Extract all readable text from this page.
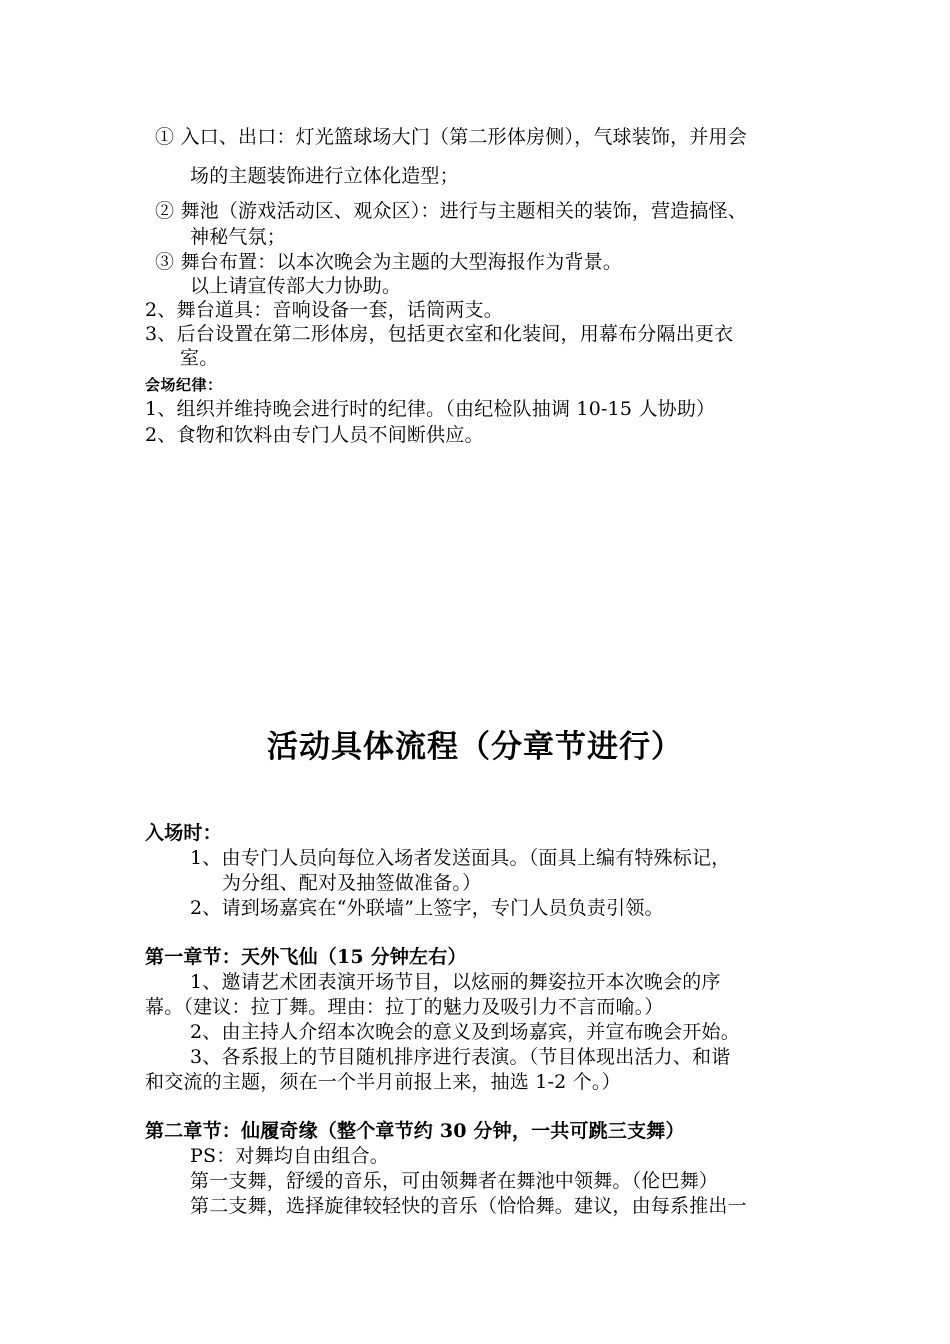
① 入口、出口：灯光篮球场大门（第二形体房侧），气球装饰，并用会
场的主题装饰进行立体化造型；
② 舞池（游戏活动区、观众区）：进行与主题相关的装饰，营造搞怪、
神秘气氛；
③ 舞台布置：以本次晚会为主题的大型海报作为背景。
以上请宣传部大力协助。
2、舞台道具：音响设备一套，话筒两支。
3、后台设置在第二形体房，包括更衣室和化装间，用幕布分隔出更衣
室。
会场纪律：
1、组织并维持晚会进行时的纪律。（由纪检队抽调 10-15 人协助）
2、食物和饮料由专门人员不间断供应。
活动具体流程（分章节进行）
入场时：
1、由专门人员向每位入场者发送面具。（面具上编有特殊标记，
为分组、配对及抽签做准备。）
2、请到场嘉宾在“外联墙”上签字，专门人员负责引领。
第一章节：天外飞仙（15 分钟左右）
1、邀请艺术团表演开场节目，以炫丽的舞姿拉开本次晚会的序
幕。（建议：拉丁舞。理由：拉丁的魅力及吸引力不言而喻。）
2、由主持人介绍本次晚会的意义及到场嘉宾，并宣布晚会开始。
3、各系报上的节目随机排序进行表演。（节目体现出活力、和谐
和交流的主题，须在一个半月前报上来，抽选 1-2 个。）
第二章节：仙履奇缘（整个章节约 30 分钟，一共可跳三支舞）
PS：对舞均自由组合。
第一支舞，舒缓的音乐，可由领舞者在舞池中领舞。（伦巴舞）
第二支舞，选择旋律较轻快的音乐（恰恰舞。建议，由每系推出一
